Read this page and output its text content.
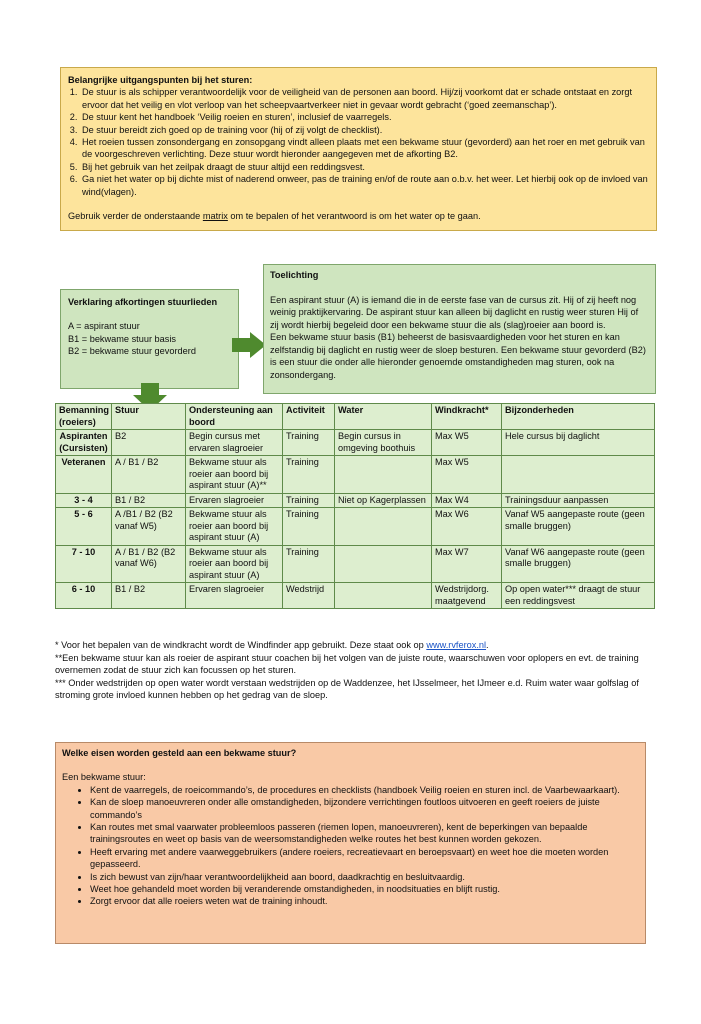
Belangrijke uitgangspunten bij het sturen:
1. De stuur is als schipper verantwoordelijk voor de veiligheid van de personen aan boord. Hij/zij voorkomt dat er schade ontstaat en zorgt ervoor dat het veilig en vlot verloop van het scheepvaartverkeer niet in gevaar wordt gebracht (‘goed zeemanschap’).
2. De stuur kent het handboek ‘Veilig roeien en sturen’, inclusief de vaarregels.
3. De stuur bereidt zich goed op de training voor (hij of zij volgt de checklist).
4. Het roeien tussen zonsondergang en zonsopgang vindt alleen plaats met een bekwame stuur (gevorderd) aan het roer en met gebruik van de voorgeschreven verlichting. Deze stuur wordt hieronder aangegeven met de afkorting B2.
5. Bij het gebruik van het zeilpak draagt de stuur altijd een reddingsvest.
6. Ga niet het water op bij dichte mist of naderend onweer, pas de training en/of de route aan o.b.v. het weer. Let hierbij ook op de invloed van wind(vlagen).
Gebruik verder de onderstaande matrix om te bepalen of het verantwoord is om het water op te gaan.
Verklaring afkortingen stuurlieden
A = aspirant stuur
B1 = bekwame stuur basis
B2 = bekwame stuur gevorderd
Toelichting
Een aspirant stuur (A) is iemand die in de eerste fase van de cursus zit. Hij of zij heeft nog weinig praktijkervaring. De aspirant stuur kan alleen bij daglicht en rustig weer sturen Hij of zij wordt hierbij begeleid door een bekwame stuur die als (slag)roeier aan boord is.
Een bekwame stuur basis (B1) beheerst de basisvaardigheden voor het sturen en kan zelfstandig bij daglicht en rustig weer de sloep besturen. Een bekwame stuur gevorderd (B2) is een stuur die onder alle hieronder genoemde omstandigheden mag sturen, ook na zonsondergang.
Bemanning (roeiers)	Stuur	Ondersteuning aan boord	Activiteit	Water	Windkracht*	Bijzonderheden
Aspiranten (Cursisten)	B2	Begin cursus met ervaren slagroeier	Training	Begin cursus in omgeving boothuis	Max W5	Hele cursus bij daglicht
Veteranen	A / B1 / B2	Bekwame stuur als roeier aan boord bij aspirant stuur (A)**	Training		Max W5	
3 - 4	B1 / B2	Ervaren slagroeier	Training	Niet op Kagerplassen	Max W4	Trainingsduur aanpassen
5 - 6	A /B1 / B2 (B2 vanaf W5)	Bekwame stuur als roeier aan boord bij aspirant stuur (A)	Training		Max W6	Vanaf W5 aangepaste route (geen smalle bruggen)
7 - 10	A / B1 / B2 (B2 vanaf W6)	Bekwame stuur als roeier aan boord bij aspirant stuur (A)	Training		Max W7	Vanaf W6 aangepaste route (geen smalle bruggen)
6 - 10	B1 / B2	Ervaren slagroeier	Wedstrijd		Wedstrijdorg. maatgevend	Op open water*** draagt de stuur een reddingsvest
* Voor het bepalen van de windkracht wordt de Windfinder app gebruikt. Deze staat ook op www.rvferox.nl.
**Een bekwame stuur kan als roeier de aspirant stuur coachen bij het volgen van de juiste route, waarschuwen voor oplopers en evt. de training overnemen zodat de stuur zich kan focussen op het sturen.
*** Onder wedstrijden op open water wordt verstaan wedstrijden op de Waddenzee, het IJsselmeer, het IJmeer e.d. Ruim water waar golfslag of stroming grote invloed kunnen hebben op het gedrag van de sloep.
Welke eisen worden gesteld aan een bekwame stuur?
Een bekwame stuur:
• Kent de vaarregels, de roeicommando’s, de procedures en checklists (handboek Veilig roeien en sturen incl. de Vaarbewaarkaart).
• Kan de sloep manoeuvreren onder alle omstandigheden, bijzondere verrichtingen foutloos uitvoeren en geeft roeiers de juiste commando’s
• Kan routes met smal vaarwater probleemloos passeren (riemen lopen, manoeuvreren), kent de beperkingen van bepaalde trainingsroutes en weet op basis van de weersomstandigheden welke routes het best kunnen worden gekozen.
• Heeft ervaring met andere vaarweggebruikers (andere roeiers, recreatievaart en beroepsvaart) en weet hoe die moeten worden gepasseerd.
• Is zich bewust van zijn/haar verantwoordelijkheid aan boord, daadkrachtig en besluitvaardig.
• Weet hoe gehandeld moet worden bij veranderende omstandigheden, in noodsituaties en blijft rustig.
• Zorgt ervoor dat alle roeiers weten wat de training inhoudt.
